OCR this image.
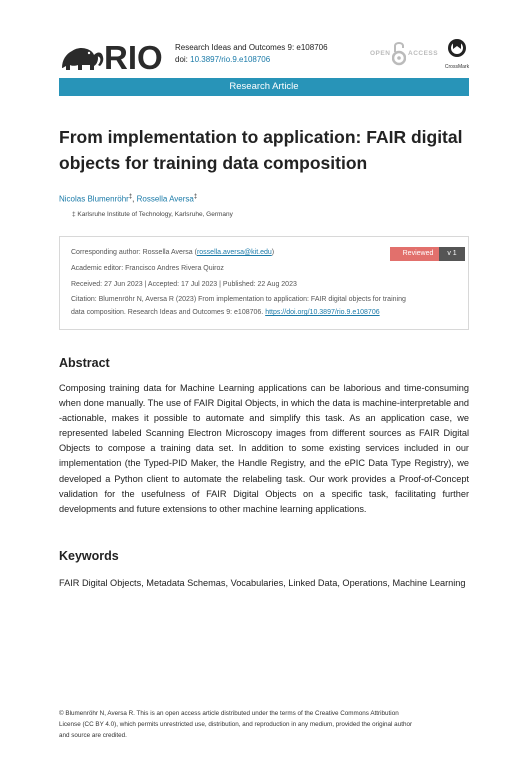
RIO Research Ideas and Outcomes 9: e108706
doi: 10.3897/rio.9.e108706
OPEN	ACCESS
CrossMark
Research Article
From implementation to application: FAIR digital objects for training data composition
Nicolas Blumenröhr‡, Rossella Aversa‡
‡ Karlsruhe Institute of Technology, Karlsruhe, Germany
Corresponding author: Rossella Aversa (rossella.aversa@kit.edu)
Academic editor: Francisco Andres Rivera Quiroz
Received: 27 Jun 2023 | Accepted: 17 Jul 2023 | Published: 22 Aug 2023
Citation: Blumenröhr N, Aversa R (2023) From implementation to application: FAIR digital objects for training
data composition. Research Ideas and Outcomes 9: e108706. https://doi.org/10.3897/rio.9.e108706
Reviewed	v 1
Abstract
Composing training data for Machine Learning applications can be laborious and time-consuming when done manually. The use of FAIR Digital Objects, in which the data is machine-interpretable and -actionable, makes it possible to automate and simplify this task. As an application case, we represented labeled Scanning Electron Microscopy images from different sources as FAIR Digital Objects to compose a training data set. In addition to some existing services included in our implementation (the Typed-PID Maker, the Handle Registry, and the ePIC Data Type Registry), we developed a Python client to automate the relabeling task. Our work provides a Proof-of-Concept validation for the usefulness of FAIR Digital Objects on a specific task, facilitating further developments and future extensions to other machine learning applications.
Keywords
FAIR Digital Objects, Metadata Schemas, Vocabularies, Linked Data, Operations, Machine Learning
© Blumenröhr N, Aversa R. This is an open access article distributed under the terms of the Creative Commons Attribution
License (CC BY 4.0), which permits unrestricted use, distribution, and reproduction in any medium, provided the original author
and source are credited.
